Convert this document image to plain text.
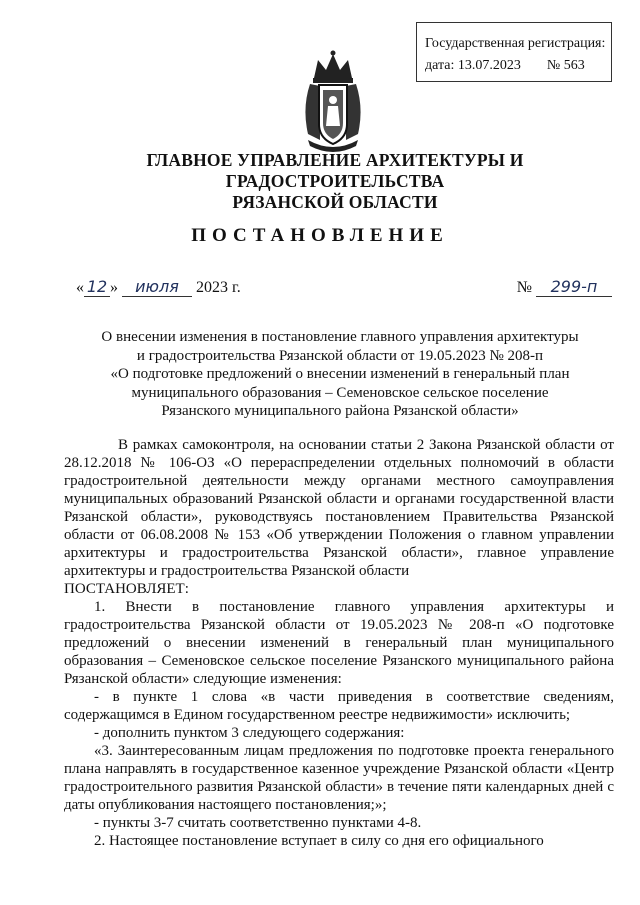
Государственная регистрация:
дата: 13.07.2023 № 563
ГЛАВНОЕ УПРАВЛЕНИЕ АРХИТЕКТУРЫ И ГРАДОСТРОИТЕЛЬСТВА
РЯЗАНСКОЙ ОБЛАСТИ
ПОСТАНОВЛЕНИЕ
« 12 » июля 2023 г.	№ 299-п
О внесении изменения в постановление главного управления архитектуры
и градостроительства Рязанской области от 19.05.2023 № 208-п
«О подготовке предложений о внесении изменений в генеральный план
муниципального образования – Семеновское сельское поселение
Рязанского муниципального района Рязанской области»

В рамках самоконтроля, на основании статьи 2 Закона Рязанской области от 28.12.2018 № 106-ОЗ «О перераспределении отдельных полномочий в области градостроительной деятельности между органами местного самоуправления муниципальных образований Рязанской области и органами государственной власти Рязанской области», руководствуясь постановлением Правительства Рязанской области от 06.08.2008 № 153 «Об утверждении Положения о главном управлении архитектуры и градостроительства Рязанской области», главное управление архитектуры и градостроительства Рязанской области

ПОСТАНОВЛЯЕТ:

1. Внести в постановление главного управления архитектуры и градостроительства Рязанской области от 19.05.2023 № 208-п «О подготовке предложений о внесении изменений в генеральный план муниципального образования – Семеновское сельское поселение Рязанского муниципального района Рязанской области» следующие изменения:

- в пункте 1 слова «в части приведения в соответствие сведениям, содержащимся в Едином государственном реестре недвижимости» исключить;

- дополнить пунктом 3 следующего содержания:

«3. Заинтересованным лицам предложения по подготовке проекта генерального плана направлять в государственное казенное учреждение Рязанской области «Центр градостроительного развития Рязанской области» в течение пяти календарных дней с даты опубликования настоящего постановления;»;

- пункты 3-7 считать соответственно пунктами 4-8.

2. Настоящее постановление вступает в силу со дня его официального
